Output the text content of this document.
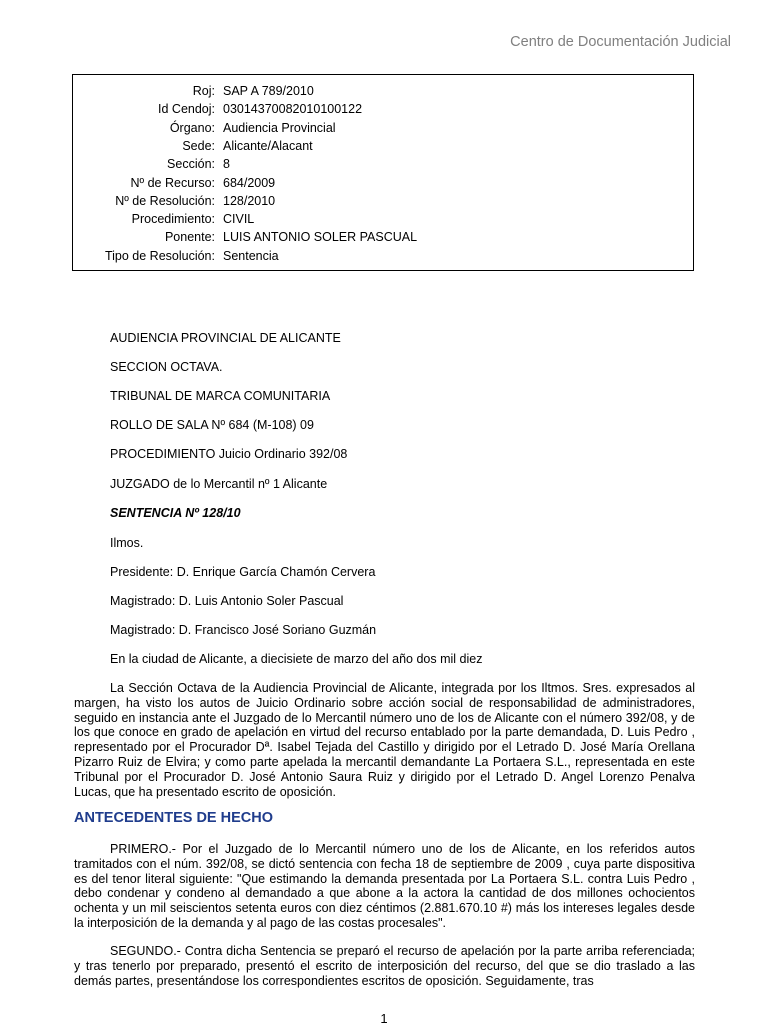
Centro de Documentación Judicial
Roj: SAP A 789/2010
Id Cendoj: 03014370082010100122
Órgano: Audiencia Provincial
Sede: Alicante/Alacant
Sección: 8
Nº de Recurso: 684/2009
Nº de Resolución: 128/2010
Procedimiento: CIVIL
Ponente: LUIS ANTONIO SOLER PASCUAL
Tipo de Resolución: Sentencia
AUDIENCIA PROVINCIAL DE ALICANTE
SECCION OCTAVA.
TRIBUNAL DE MARCA COMUNITARIA
ROLLO DE SALA Nº 684 (M-108) 09
PROCEDIMIENTO Juicio Ordinario 392/08
JUZGADO de lo Mercantil nº 1 Alicante
SENTENCIA Nº 128/10
Ilmos.
Presidente: D. Enrique García Chamón Cervera
Magistrado: D. Luis Antonio Soler Pascual
Magistrado: D. Francisco José Soriano Guzmán
En la ciudad de Alicante, a diecisiete de marzo del año dos mil diez

La Sección Octava de la Audiencia Provincial de Alicante, integrada por los Iltmos. Sres. expresados al margen, ha visto los autos de Juicio Ordinario sobre acción social de responsabilidad de administradores, seguido en instancia ante el Juzgado de lo Mercantil número uno de los de Alicante con el número 392/08, y de los que conoce en grado de apelación en virtud del recurso entablado por la parte demandada, D. Luis Pedro , representado por el Procurador Dª. Isabel Tejada del Castillo y dirigido por el Letrado D. José María Orellana Pizarro Ruiz de Elvira; y como parte apelada la mercantil demandante La Portaera S.L., representada en este Tribunal por el Procurador D. José Antonio Saura Ruiz y dirigido por el Letrado D. Angel Lorenzo Penalva Lucas, que ha presentado escrito de oposición.

ANTECEDENTES DE HECHO

PRIMERO.- Por el Juzgado de lo Mercantil número uno de los de Alicante, en los referidos autos tramitados con el núm. 392/08, se dictó sentencia con fecha 18 de septiembre de 2009 , cuya parte dispositiva es del tenor literal siguiente: "Que estimando la demanda presentada por La Portaera S.L. contra Luis Pedro , debo condenar y condeno al demandado a que abone a la actora la cantidad de dos millones ochocientos ochenta y un mil seiscientos setenta euros con diez céntimos (2.881.670.10 #) más los intereses legales desde la interposición de la demanda y al pago de las costas procesales".

SEGUNDO.- Contra dicha Sentencia se preparó el recurso de apelación por la parte arriba referenciada; y tras tenerlo por preparado, presentó el escrito de interposición del recurso, del que se dio traslado a las demás partes, presentándose los correspondientes escritos de oposición. Seguidamente, tras

1
